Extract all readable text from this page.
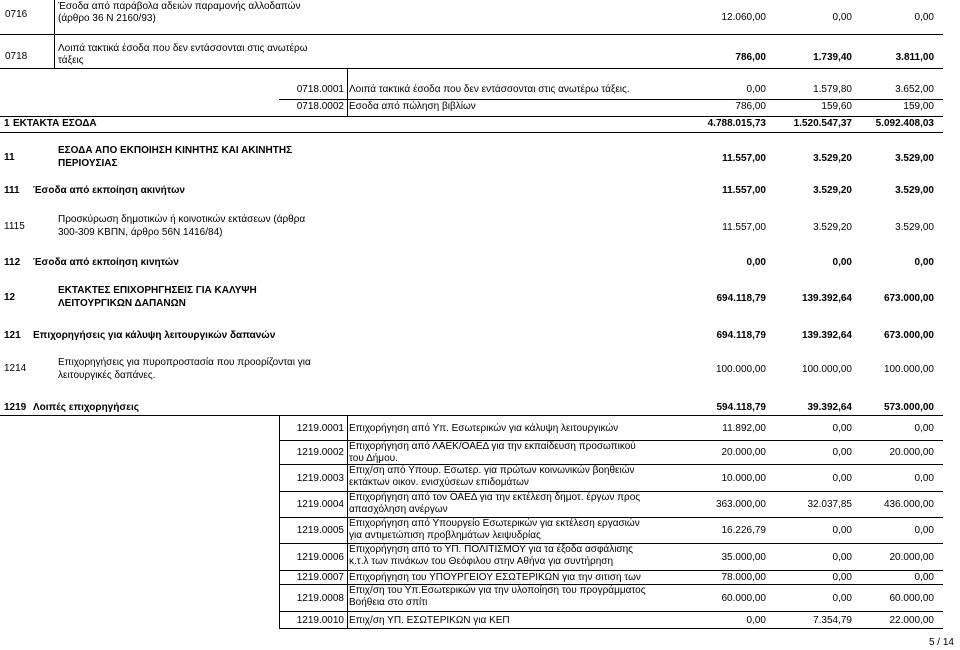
0716
Έσοδα από παράβολα αδειών παραμονής αλλοδαπών
(άρθρο 36 Ν 2160/93)	12.060,00	0,00	0,00
0718
Λοιπά τακτικά έσοδα που δεν εντάσσονται στις ανωτέρω
τάξεις	786,00	1.739,40	3.811,00
0718.0001 Λοιπά τακτικά έσοδα που δεν εντάσσονται στις ανωτέρω τάξεις.	0,00	1.579,80	3.652,00
0718.0002 Εσοδα από πώληση βιβλίων	786,00	159,60	159,00
1 ΕΚΤΑΚΤΑ ΕΣΟΔΑ	4.788.015,73	1.520.547,37 5.092.408,03
11
ΕΣΟΔΑ ΑΠΟ ΕΚΠΟΙΗΣΗ ΚΙΝΗΤΗΣ ΚΑΙ ΑΚΙΝΗΤΗΣ
ΠΕΡΙΟΥΣΙΑΣ	11.557,00	3.529,20	3.529,00
111 Έσοδα από εκποίηση ακινήτων	11.557,00	3.529,20	3.529,00
1115
Προσκύρωση δημοτικών ή κοινοτικών εκτάσεων (άρθρα
300-309 ΚΒΠΝ, άρθρο 56Ν 1416/84)	11.557,00	3.529,20	3.529,00
112 Έσοδα από εκποίηση κινητών	0,00	0,00	0,00
12
ΕΚΤΑΚΤΕΣ ΕΠΙΧΟΡΗΓΗΣΕΙΣ ΓΙΑ ΚΑΛΥΨΗ
ΛΕΙΤΟΥΡΓΙΚΩΝ ΔΑΠΑΝΩΝ	694.118,79	139.392,64	673.000,00
121 Επιχορηγήσεις για κάλυψη λειτουργικών δαπανών	694.118,79	139.392,64	673.000,00
1214
Επιχορηγήσεις για πυροπροστασία που προορίζονται για
λειτουργικές δαπάνες.
100.000,00	100.000,00	100.000,00
1219 Λοιπές επιχορηγήσεις	594.118,79	39.392,64	573.000,00
1219.0001 Επιχορήγηση από Υπ. Εσωτερικών για κάλυψη λειτουργικών	11.892,00	0,00	0,00
1219.0002
Επιχορήγηση από ΛΑΕΚ/ΟΑΕΔ για την εκπαίδευση προσωπικού
του Δήμου.
20.000,00	0,00	20.000,00
1219.0003
Επιχ/ση από Υπουρ. Εσωτερ. για πρώτων κοινωνικών βοηθειών
εκτάκτων οικον. ενισχύσεων επιδομάτων	10.000,00	0,00	0,00
1219.0004
Επιχορήγηση από τον ΟΑΕΔ για την εκτέλεση δημοτ. έργων προς
απασχόληση ανέργων	363.000,00	32.037,85	436.000,00
1219.0005
Επιχορήγηση από Υπουργείο Εσωτερικών για εκτέλεση εργασιών
για αντιμετώπιση προβλημάτων λειψυδρίας	16.226,79	0,00	0,00
1219.0006
Επιχορήγηση από το ΥΠ. ΠΟΛΙΤΙΣΜΟΥ για τα έξοδα ασφάλισης
κ.τ.λ των πινάκων του Θεόφιλου στην Αθήνα για συντήρηση	35.000,00	0,00	20.000,00
1219.0007 Επιχορήγηση του ΥΠΟΥΡΓΕΙΟΥ ΕΣΩΤΕΡΙΚΩΝ για την σιτιση των	78.000,00	0,00	0,00
1219.0008
Επιχ/ση του Υπ.Εσωτερικών για την υλοποίηση του προγράμματος
Βοήθεια στο σπίτι	60.000,00	0,00	60.000,00
1219.0010 Επιχ/ση ΥΠ. ΕΣΩΤΕΡΙΚΩΝ για ΚΕΠ	0,00	7.354,79	22.000,00
5 / 14
